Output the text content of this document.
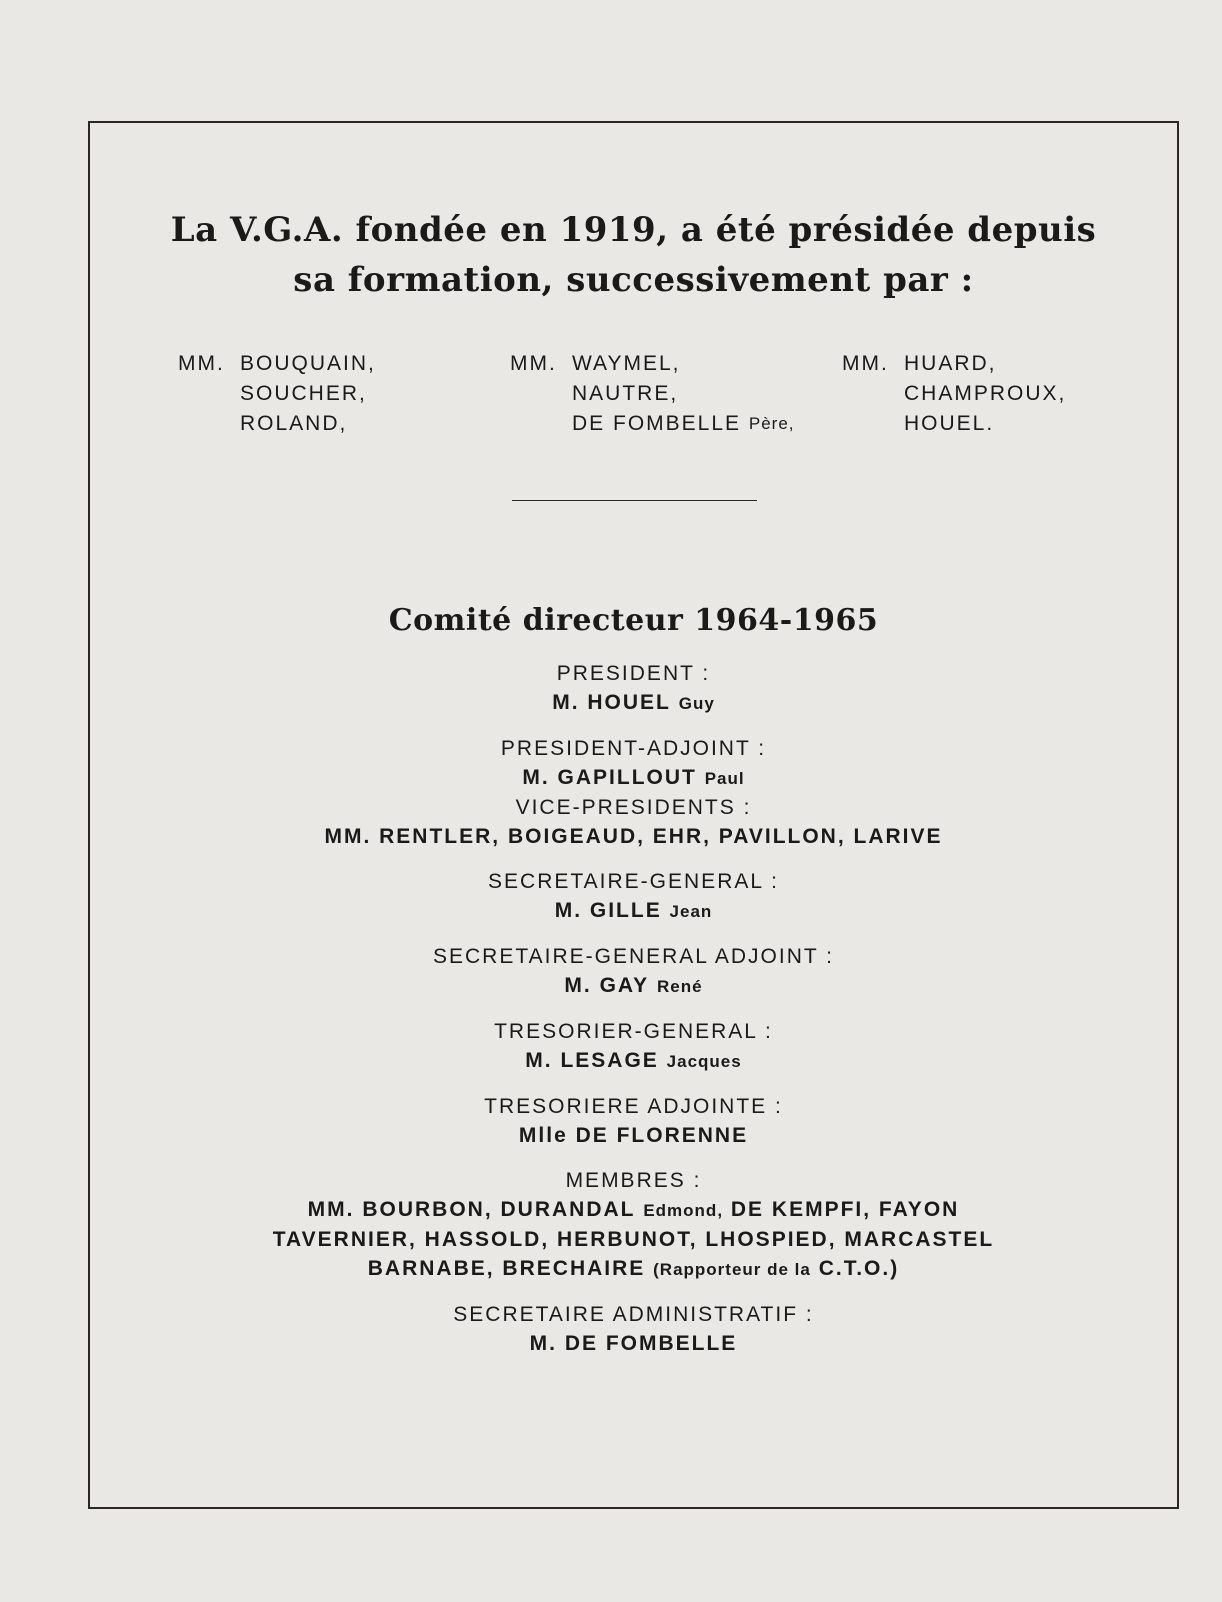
La V.G.A. fondée en 1919, a été présidée depuis
sa formation, successivement par :
MM. BOUQUAIN,
SOUCHER,
ROLAND,
MM. WAYMEL,
NAUTRE,
DE FOMBELLE
Père,
MM. HUARD,
CHAMPROUX,
HOUEL.
Comité directeur 1964-1965
PRESIDENT :
M. HOUEL Guy
PRESIDENT-ADJOINT :
M. GAPILLOUT Paul
VICE-PRESIDENTS :
MM. RENTLER, BOIGEAUD, EHR, PAVILLON, LARIVE
SECRETAIRE-GENERAL :
M. GILLE Jean
SECRETAIRE-GENERAL ADJOINT :
M. GAY René
TRESORIER-GENERAL :
M. LESAGE Jacques
TRESORIERE ADJOINTE :
Mlle DE FLORENNE
MEMBRES :
MM. BOURBON, DURANDAL Edmond, DE KEMPFI, FAYON
TAVERNIER, HASSOLD, HERBUNOT, LHOSPIED, MARCASTEL
BARNABE, BRECHAIRE (Rapporteur de la C.T.O.)
SECRETAIRE ADMINISTRATIF :
M. DE FOMBELLE
